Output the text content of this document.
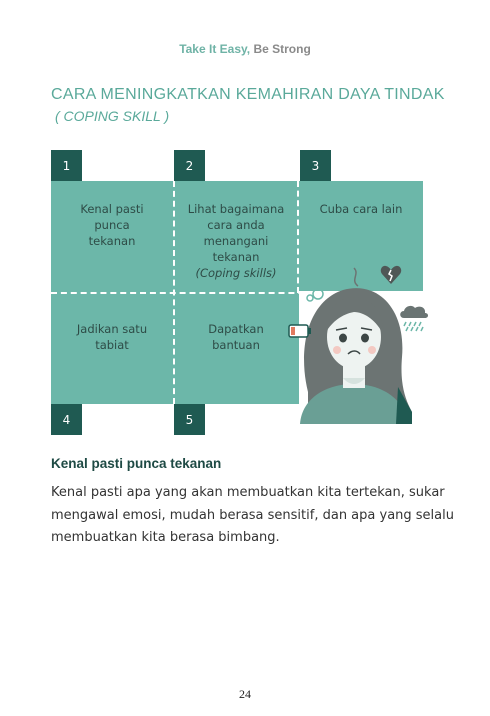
Take It Easy, Be Strong
CARA MENINGKATKAN KEMAHIRAN DAYA TINDAK
( COPING SKILL )
1	2	3
Kenal pasti
punca
tekanan
Lihat bagaimana
cara anda
menangani
tekanan
(Coping skills)
Cuba cara lain
Jadikan satu
tabiat
Dapatkan
bantuan
4	5
Kenal pasti punca tekanan
Kenal pasti apa yang akan membuatkan kita tertekan, sukar
mengawal emosi, mudah berasa sensitif, dan apa yang selalu
membuatkan kita berasa bimbang.
24
